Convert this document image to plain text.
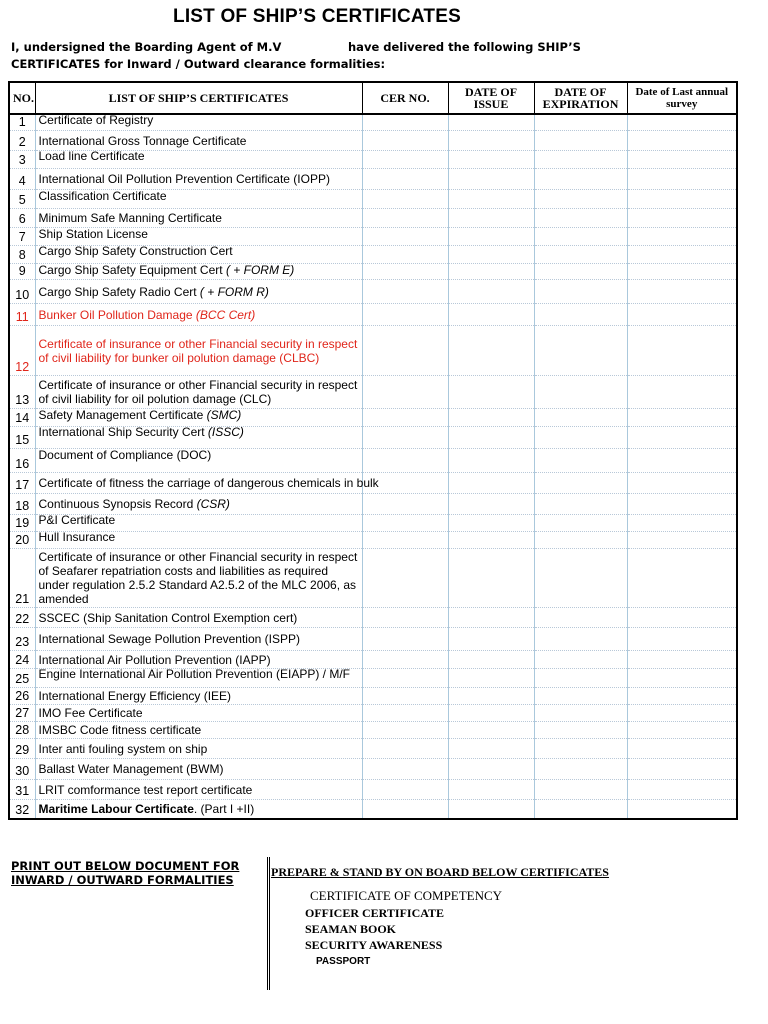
LIST OF SHIP’S CERTIFICATES
I, undersigned the Boarding Agent of M.V	have delivered the following SHIP’S
CERTIFICATES for Inward / Outward clearance formalities:
NO.	LIST OF SHIP’S CERTIFICATES	CER NO.	DATE OF ISSUE	DATE OF EXPIRATION	Date of Last annual survey
1	Certificate of Registry				
2	International Gross Tonnage Certificate				
3	Load line Certificate				
4	International Oil Pollution Prevention Certificate (IOPP)				
5	Classification Certificate				
6	Minimum Safe Manning Certificate				
7	Ship Station License				
8	Cargo Ship Safety Construction Cert				
9	Cargo Ship Safety Equipment Cert ( + FORM E)				
10	Cargo Ship Safety Radio Cert ( + FORM R)				
11	Bunker Oil Pollution Damage (BCC Cert)				
12	Certificate of insurance or other Financial security in respect of civil liability for bunker oil polution damage (CLBC)				
13	Certificate of insurance or other Financial security in respect of civil liability for oil polution damage (CLC)				
14	Safety Management Certificate (SMC)				
15	International Ship Security Cert (ISSC)				
16	Document of Compliance (DOC)				
17	Certificate of fitness the carriage of dangerous chemicals in bulk				
18	Continuous Synopsis Record (CSR)				
19	P&I Certificate				
20	Hull Insurance				
21	Certificate of insurance or other Financial security in respect of Seafarer repatriation costs and liabilities as required under regulation 2.5.2 Standard A2.5.2 of the MLC 2006, as amended				
22	SSCEC (Ship Sanitation Control Exemption cert)				
23	International Sewage Pollution Prevention (ISPP)				
24	International Air Pollution Prevention (IAPP)				
25	Engine International Air Pollution Prevention (EIAPP) / M/F				
26	International Energy Efficiency (IEE)				
27	IMO Fee Certificate				
28	IMSBC Code fitness certificate				
29	Inter anti fouling system on ship				
30	Ballast Water Management (BWM)				
31	LRIT comformance test report certificate				
32	Maritime Labour Certificate. (Part I +II)				
PRINT OUT BELOW DOCUMENT FOR INWARD / OUTWARD FORMALITIES
PREPARE & STAND BY ON BOARD BELOW CERTIFICATES
CERTIFICATE OF COMPETENCY
OFFICER CERTIFICATE
SEAMAN BOOK
SECURITY AWARENESS
PASSPORT
